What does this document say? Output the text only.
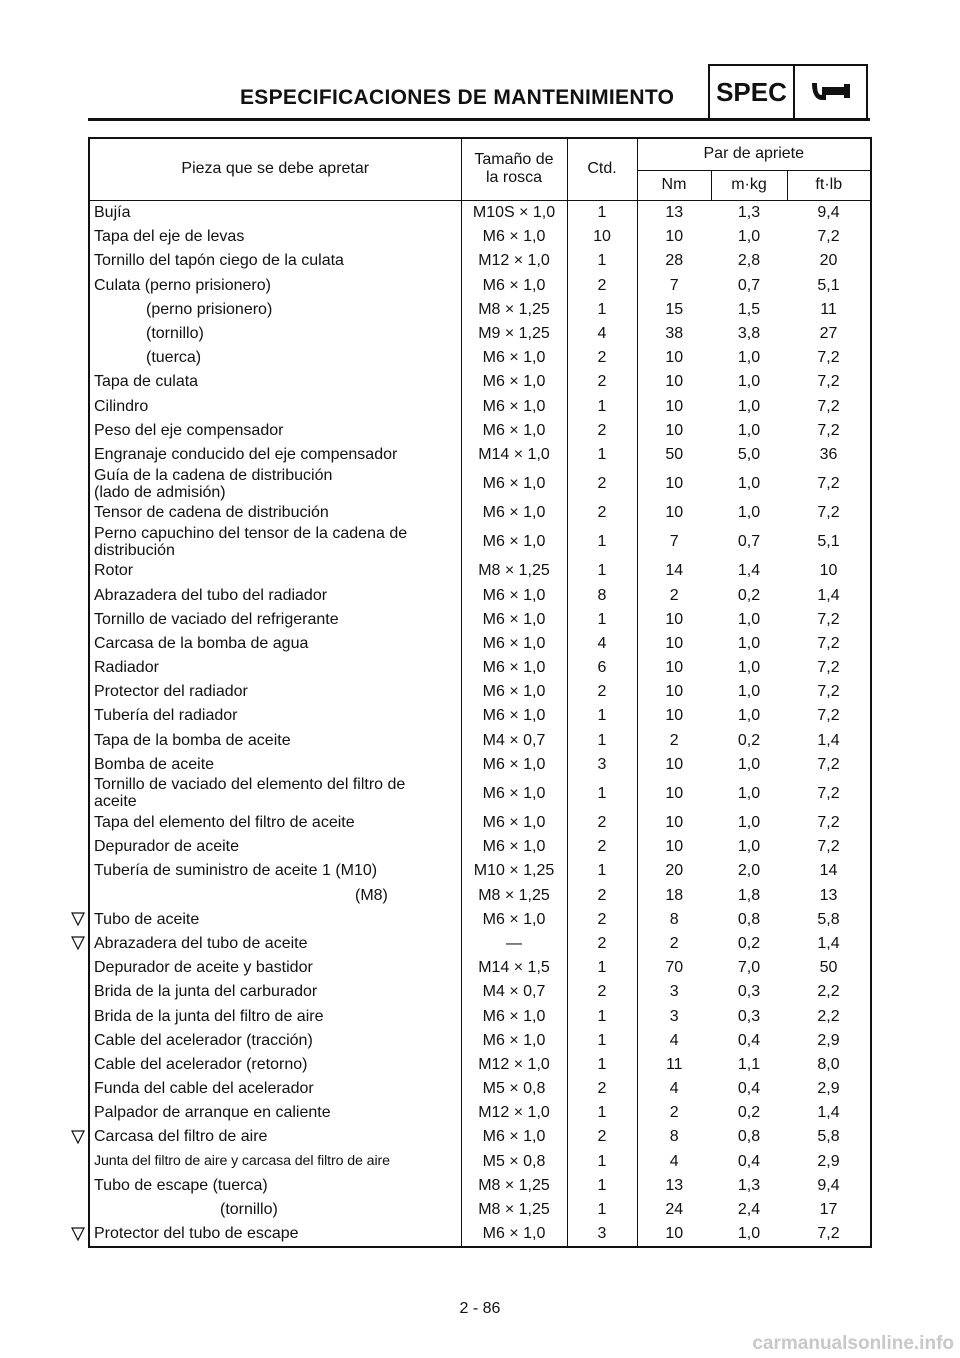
ESPECIFICACIONES DE MANTENIMIENTO SPEC
Pieza que se debe apretar	Tamaño de
la rosca	Ctd.	Par de apriete		
			Nm	m·kg	ft·lb
Bujía	M10S × 1,0	1	13	1,3	9,4
Tapa del eje de levas	M6 × 1,0	10	10	1,0	7,2
Tornillo del tapón ciego de la culata	M12 × 1,0	1	28	2,8	20
Culata (perno prisionero)	M6 × 1,0	2	7	0,7	5,1
(perno prisionero)	M8 × 1,25	1	15	1,5	11
(tornillo)	M9 × 1,25	4	38	3,8	27
(tuerca)	M6 × 1,0	2	10	1,0	7,2
Tapa de culata	M6 × 1,0	2	10	1,0	7,2
Cilindro	M6 × 1,0	1	10	1,0	7,2
Peso del eje compensador	M6 × 1,0	2	10	1,0	7,2
Engranaje conducido del eje compensador	M14 × 1,0	1	50	5,0	36
Guía de la cadena de distribución
(lado de admisión)	M6 × 1,0	2	10	1,0	7,2
Tensor de cadena de distribución	M6 × 1,0	2	10	1,0	7,2
Perno capuchino del tensor de la cadena de
distribución	M6 × 1,0	1	7	0,7	5,1
Rotor	M8 × 1,25	1	14	1,4	10
Abrazadera del tubo del radiador	M6 × 1,0	8	2	0,2	1,4
Tornillo de vaciado del refrigerante	M6 × 1,0	1	10	1,0	7,2
Carcasa de la bomba de agua	M6 × 1,0	4	10	1,0	7,2
Radiador	M6 × 1,0	6	10	1,0	7,2
Protector del radiador	M6 × 1,0	2	10	1,0	7,2
Tubería del radiador	M6 × 1,0	1	10	1,0	7,2
Tapa de la bomba de aceite	M4 × 0,7	1	2	0,2	1,4
Bomba de aceite	M6 × 1,0	3	10	1,0	7,2
Tornillo de vaciado del elemento del filtro de
aceite	M6 × 1,0	1	10	1,0	7,2
Tapa del elemento del filtro de aceite	M6 × 1,0	2	10	1,0	7,2
Depurador de aceite	M6 × 1,0	2	10	1,0	7,2
Tubería de suministro de aceite 1 (M10)	M10 × 1,25	1	20	2,0	14
(M8)	M8 × 1,25	2	18	1,8	13
Tubo de aceite	M6 × 1,0	2	8	0,8	5,8
Abrazadera del tubo de aceite	—	2	2	0,2	1,4
Depurador de aceite y bastidor	M14 × 1,5	1	70	7,0	50
Brida de la junta del carburador	M4 × 0,7	2	3	0,3	2,2
Brida de la junta del filtro de aire	M6 × 1,0	1	3	0,3	2,2
Cable del acelerador (tracción)	M6 × 1,0	1	4	0,4	2,9
Cable del acelerador (retorno)	M12 × 1,0	1	11	1,1	8,0
Funda del cable del acelerador	M5 × 0,8	2	4	0,4	2,9
Palpador de arranque en caliente	M12 × 1,0	1	2	0,2	1,4
Carcasa del filtro de aire	M6 × 1,0	2	8	0,8	5,8
Junta del filtro de aire y carcasa del filtro de aire	M5 × 0,8	1	4	0,4	2,9
Tubo de escape (tuerca)	M8 × 1,25	1	13	1,3	9,4
(tornillo)	M8 × 1,25	1	24	2,4	17
Protector del tubo de escape	M6 × 1,0	3	10	1,0	7,2
2 - 86
carmanualsonline.info
